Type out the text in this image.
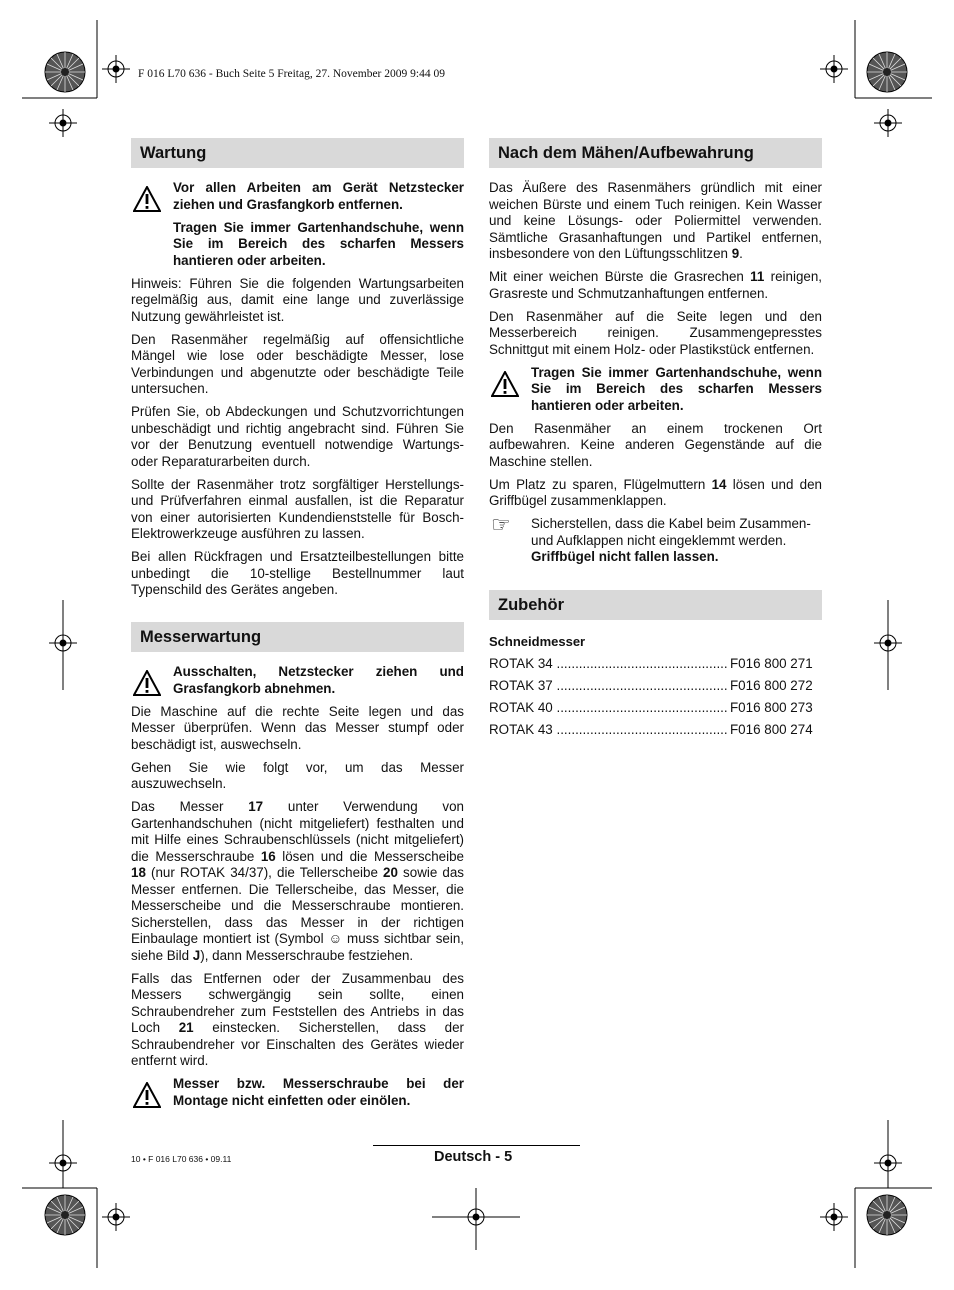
F 016 L70 636 - Buch Seite 5 Freitag, 27. November 2009 9:44 09
Wartung

Vor allen Arbeiten am Gerät Netzstecker ziehen und Grasfangkorb entfernen.

Tragen Sie immer Gartenhandschuhe, wenn Sie im Bereich des scharfen Messers hantieren oder arbeiten.

Hinweis: Führen Sie die folgenden Wartungsarbeiten regelmäßig aus, damit eine lange und zuverlässige Nutzung gewährleistet ist.

Den Rasenmäher regelmäßig auf offensichtliche Mängel wie lose oder beschädigte Messer, lose Verbindungen und abgenutzte oder beschädigte Teile untersuchen.

Prüfen Sie, ob Abdeckungen und Schutzvorrichtungen unbeschädigt und richtig angebracht sind. Führen Sie vor der Benutzung eventuell notwendige Wartungs- oder Reparaturarbeiten durch.

Sollte der Rasenmäher trotz sorgfältiger Herstellungs- und Prüfverfahren einmal ausfallen, ist die Reparatur von einer autorisierten Kundendienststelle für Bosch-Elektrowerkzeuge ausführen zu lassen.

Bei allen Rückfragen und Ersatzteilbestellungen bitte unbedingt die 10-stellige Bestellnummer laut Typenschild des Gerätes angeben.

Messerwartung

Ausschalten, Netzstecker ziehen und Grasfangkorb abnehmen.

Die Maschine auf die rechte Seite legen und das Messer überprüfen. Wenn das Messer stumpf oder beschädigt ist, auswechseln.

Gehen Sie wie folgt vor, um das Messer auszuwechseln.

Das Messer 17 unter Verwendung von Gartenhandschuhen (nicht mitgeliefert) festhalten und mit Hilfe eines Schraubenschlüssels (nicht mitgeliefert) die Messerschraube 16 lösen und die Messerscheibe 18 (nur ROTAK 34/37), die Tellerscheibe 20 sowie das Messer entfernen. Die Tellerscheibe, das Messer, die Messerscheibe und die Messerschraube montieren. Sicherstellen, dass das Messer in der richtigen Einbaulage montiert ist (Symbol ☺ muss sichtbar sein, siehe Bild J), dann Messerschraube festziehen.

Falls das Entfernen oder der Zusammenbau des Messers schwergängig sein sollte, einen Schraubendreher zum Feststellen des Antriebs in das Loch 21 einstecken. Sicherstellen, dass der Schraubendreher vor Einschalten des Gerätes wieder entfernt wird.

Messer bzw. Messerschraube bei der Montage nicht einfetten oder einölen.

Nach dem Mähen/Aufbewahrung

Das Äußere des Rasenmähers gründlich mit einer weichen Bürste und einem Tuch reinigen. Kein Wasser und keine Lösungs- oder Poliermittel verwenden. Sämtliche Grasanhaftungen und Partikel entfernen, insbesondere von den Lüftungsschlitzen 9.

Mit einer weichen Bürste die Grasrechen 11 reinigen, Grasreste und Schmutzanhaftungen entfernen.

Den Rasenmäher auf die Seite legen und den Messerbereich reinigen. Zusammengepresstes Schnittgut mit einem Holz- oder Plastikstück entfernen.

Tragen Sie immer Gartenhandschuhe, wenn Sie im Bereich des scharfen Messers hantieren oder arbeiten.

Den Rasenmäher an einem trockenen Ort aufbewahren. Keine anderen Gegenstände auf die Maschine stellen.

Um Platz zu sparen, Flügelmuttern 14 lösen und den Griffbügel zusammenklappen.

☞ Sicherstellen, dass die Kabel beim Zusammen- und Aufklappen nicht eingeklemmt werden. Griffbügel nicht fallen lassen.

Zubehör
Schneidmesser
ROTAK 34 .....	F016 800 271
ROTAK 37 .....	F016 800 272
ROTAK 40 .....	F016 800 273
ROTAK 43 .....	F016 800 274
10 • F 016 L70 636 • 09.11	Deutsch - 5
